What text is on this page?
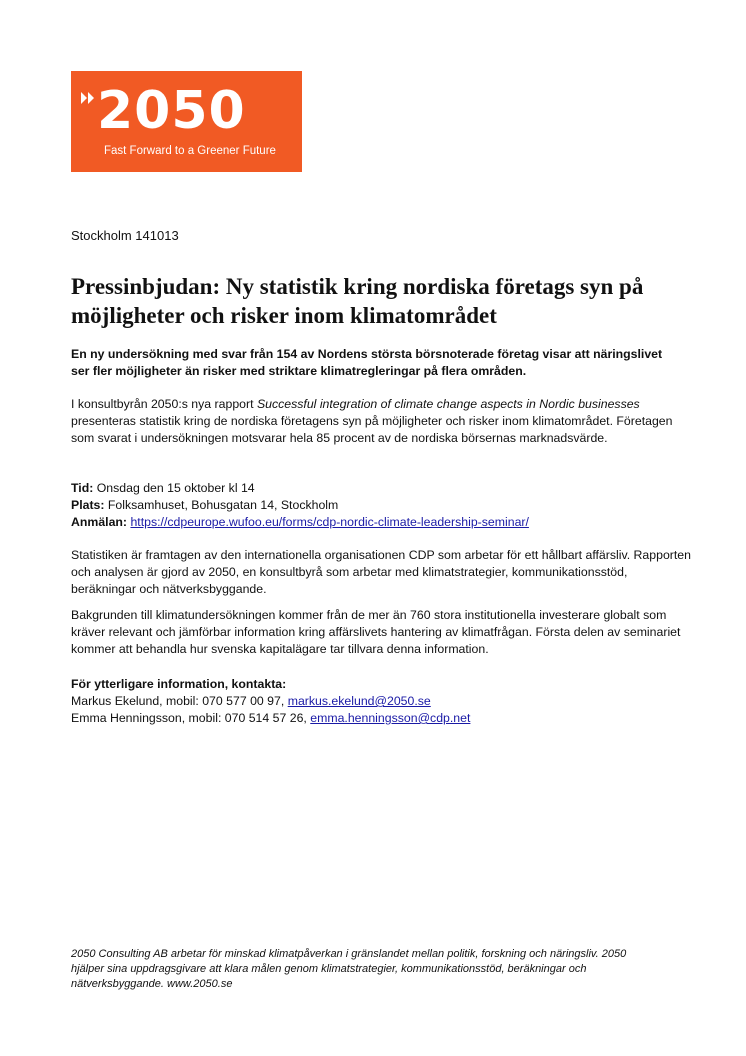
2050
Fast Forward to a Greener Future
Stockholm 141013
Pressinbjudan: Ny statistik kring nordiska företags syn på möjligheter och risker inom klimatområdet

En ny undersökning med svar från 154 av Nordens största börsnoterade företag visar att näringslivet ser fler möjligheter än risker med striktare klimatregleringar på flera områden.

I konsultbyrån 2050:s nya rapport Successful integration of climate change aspects in Nordic businesses presenteras statistik kring de nordiska företagens syn på möjligheter och risker inom klimatområdet. Företagen som svarat i undersökningen motsvarar hela 85 procent av de nordiska börsernas marknadsvärde.

Tid: Onsdag den 15 oktober kl 14
Plats: Folksamhuset, Bohusgatan 14, Stockholm
Anmälan: https://cdpeurope.wufoo.eu/forms/cdp-nordic-climate-leadership-seminar/

Statistiken är framtagen av den internationella organisationen CDP som arbetar för ett hållbart affärsliv. Rapporten och analysen är gjord av 2050, en konsultbyrå som arbetar med klimatstrategier, kommunikationsstöd, beräkningar och nätverksbyggande.

Bakgrunden till klimatundersökningen kommer från de mer än 760 stora institutionella investerare globalt som kräver relevant och jämförbar information kring affärslivets hantering av klimatfrågan. Första delen av seminariet kommer att behandla hur svenska kapitalägare tar tillvara denna information.

För ytterligare information, kontakta:
Markus Ekelund, mobil: 070 577 00 97, markus.ekelund@2050.se
Emma Henningsson, mobil: 070 514 57 26, emma.henningsson@cdp.net

2050 Consulting AB arbetar för minskad klimatpåverkan i gränslandet mellan politik, forskning och näringsliv. 2050 hjälper sina uppdragsgivare att klara målen genom klimatstrategier, kommunikationsstöd, beräkningar och nätverksbyggande. www.2050.se
